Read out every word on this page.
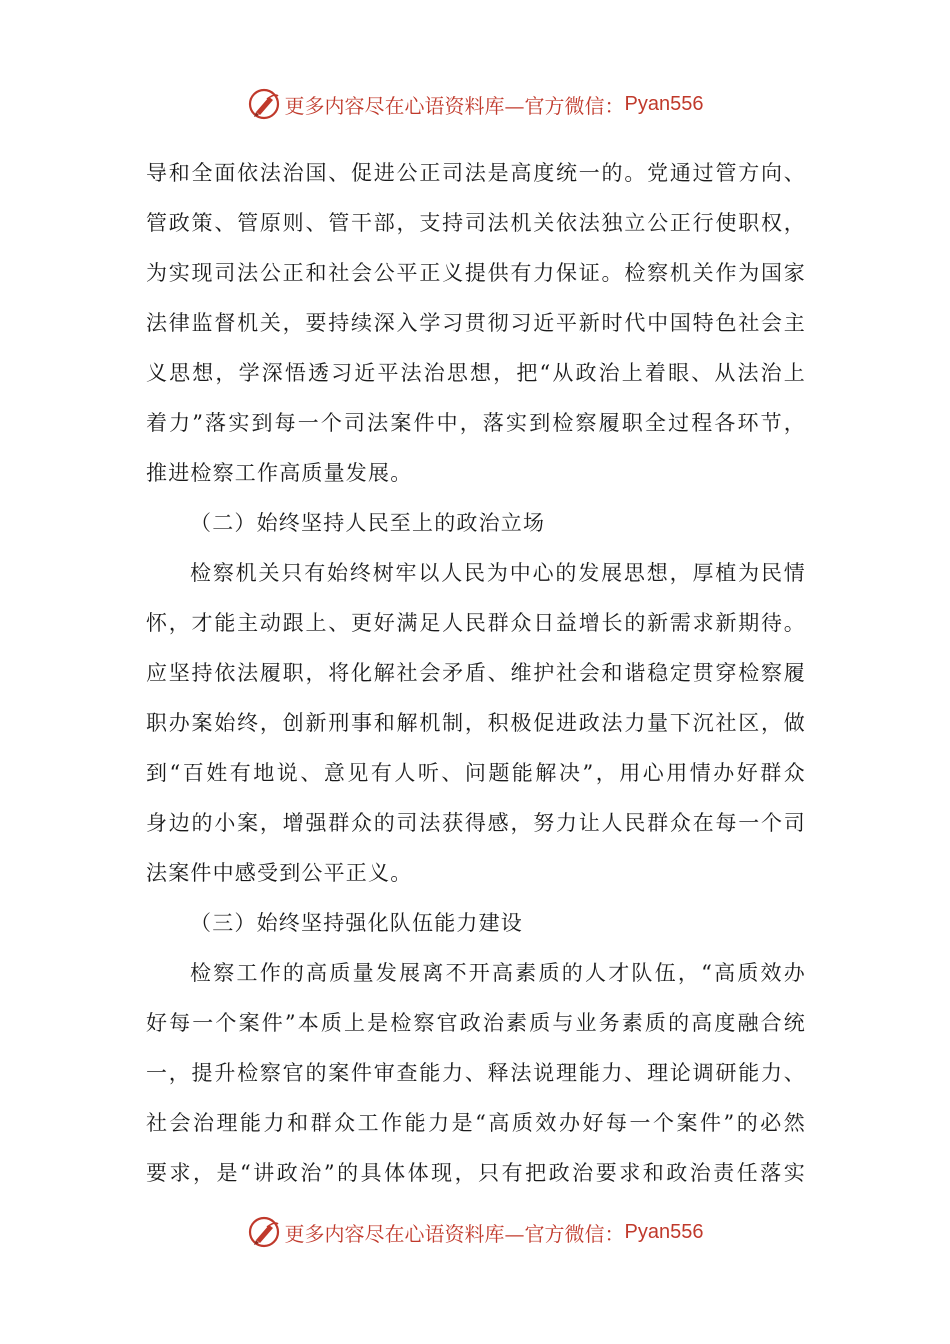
更多内容尽在心语资料库— 官方微信： Pyan556
导和全面依法治国、促进公正司法是高度统一的。党通过管方向、
管政策、管原则、管干部，支持司法机关依法独立公正行使职权，
为实现司法公正和社会公平正义提供有力保证。检察机关作为国家
法律监督机关，要持续深入学习贯彻习近平新时代中国特色社会主
义思想，学深悟透习近平法治思想，把“从政治上着眼、从法治上
着力”落实到每一个司法案件中，落实到检察履职全过程各环节，
推进检察工作高质量发展。
（二）始终坚持人民至上的政治立场
检察机关只有始终树牢以人民为中心的发展思想，厚植为民情
怀，才能主动跟上、更好满足人民群众日益增长的新需求新期待。
应坚持依法履职，将化解社会矛盾、维护社会和谐稳定贯穿检察履
职办案始终，创新刑事和解机制，积极促进政法力量下沉社区，做
到“百姓有地说、意见有人听、问题能解决”，用心用情办好群众
身边的小案，增强群众的司法获得感，努力让人民群众在每一个司
法案件中感受到公平正义。
（三）始终坚持强化队伍能力建设
检察工作的高质量发展离不开高素质的人才队伍，“高质效办
好每一个案件”本质上是检察官政治素质与业务素质的高度融合统
一，提升检察官的案件审查能力、释法说理能力、理论调研能力、
社会治理能力和群众工作能力是“高质效办好每一个案件”的必然
要求，是“讲政治”的具体体现，只有把政治要求和政治责任落实
更多内容尽在心语资料库— 官方微信： Pyan556
